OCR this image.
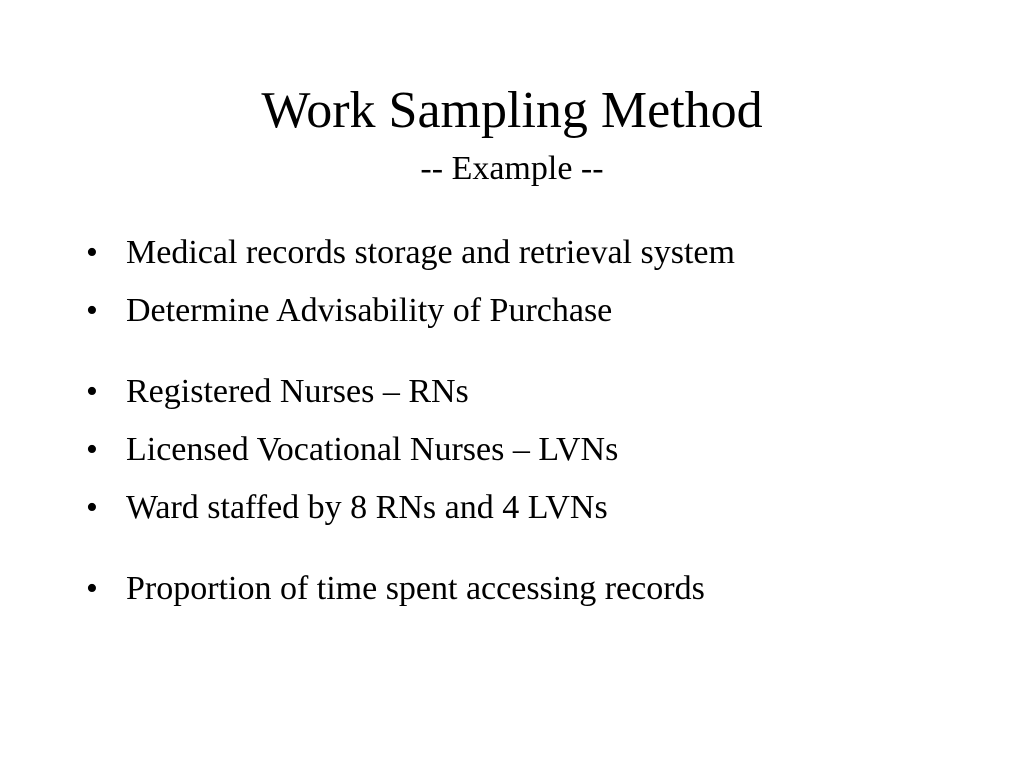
Work Sampling Method
-- Example --
• Medical records storage and retrieval system
• Determine Advisability of Purchase
• Registered Nurses – RNs
• Licensed Vocational Nurses – LVNs
• Ward staffed by 8 RNs and 4 LVNs
• Proportion of time spent accessing records
